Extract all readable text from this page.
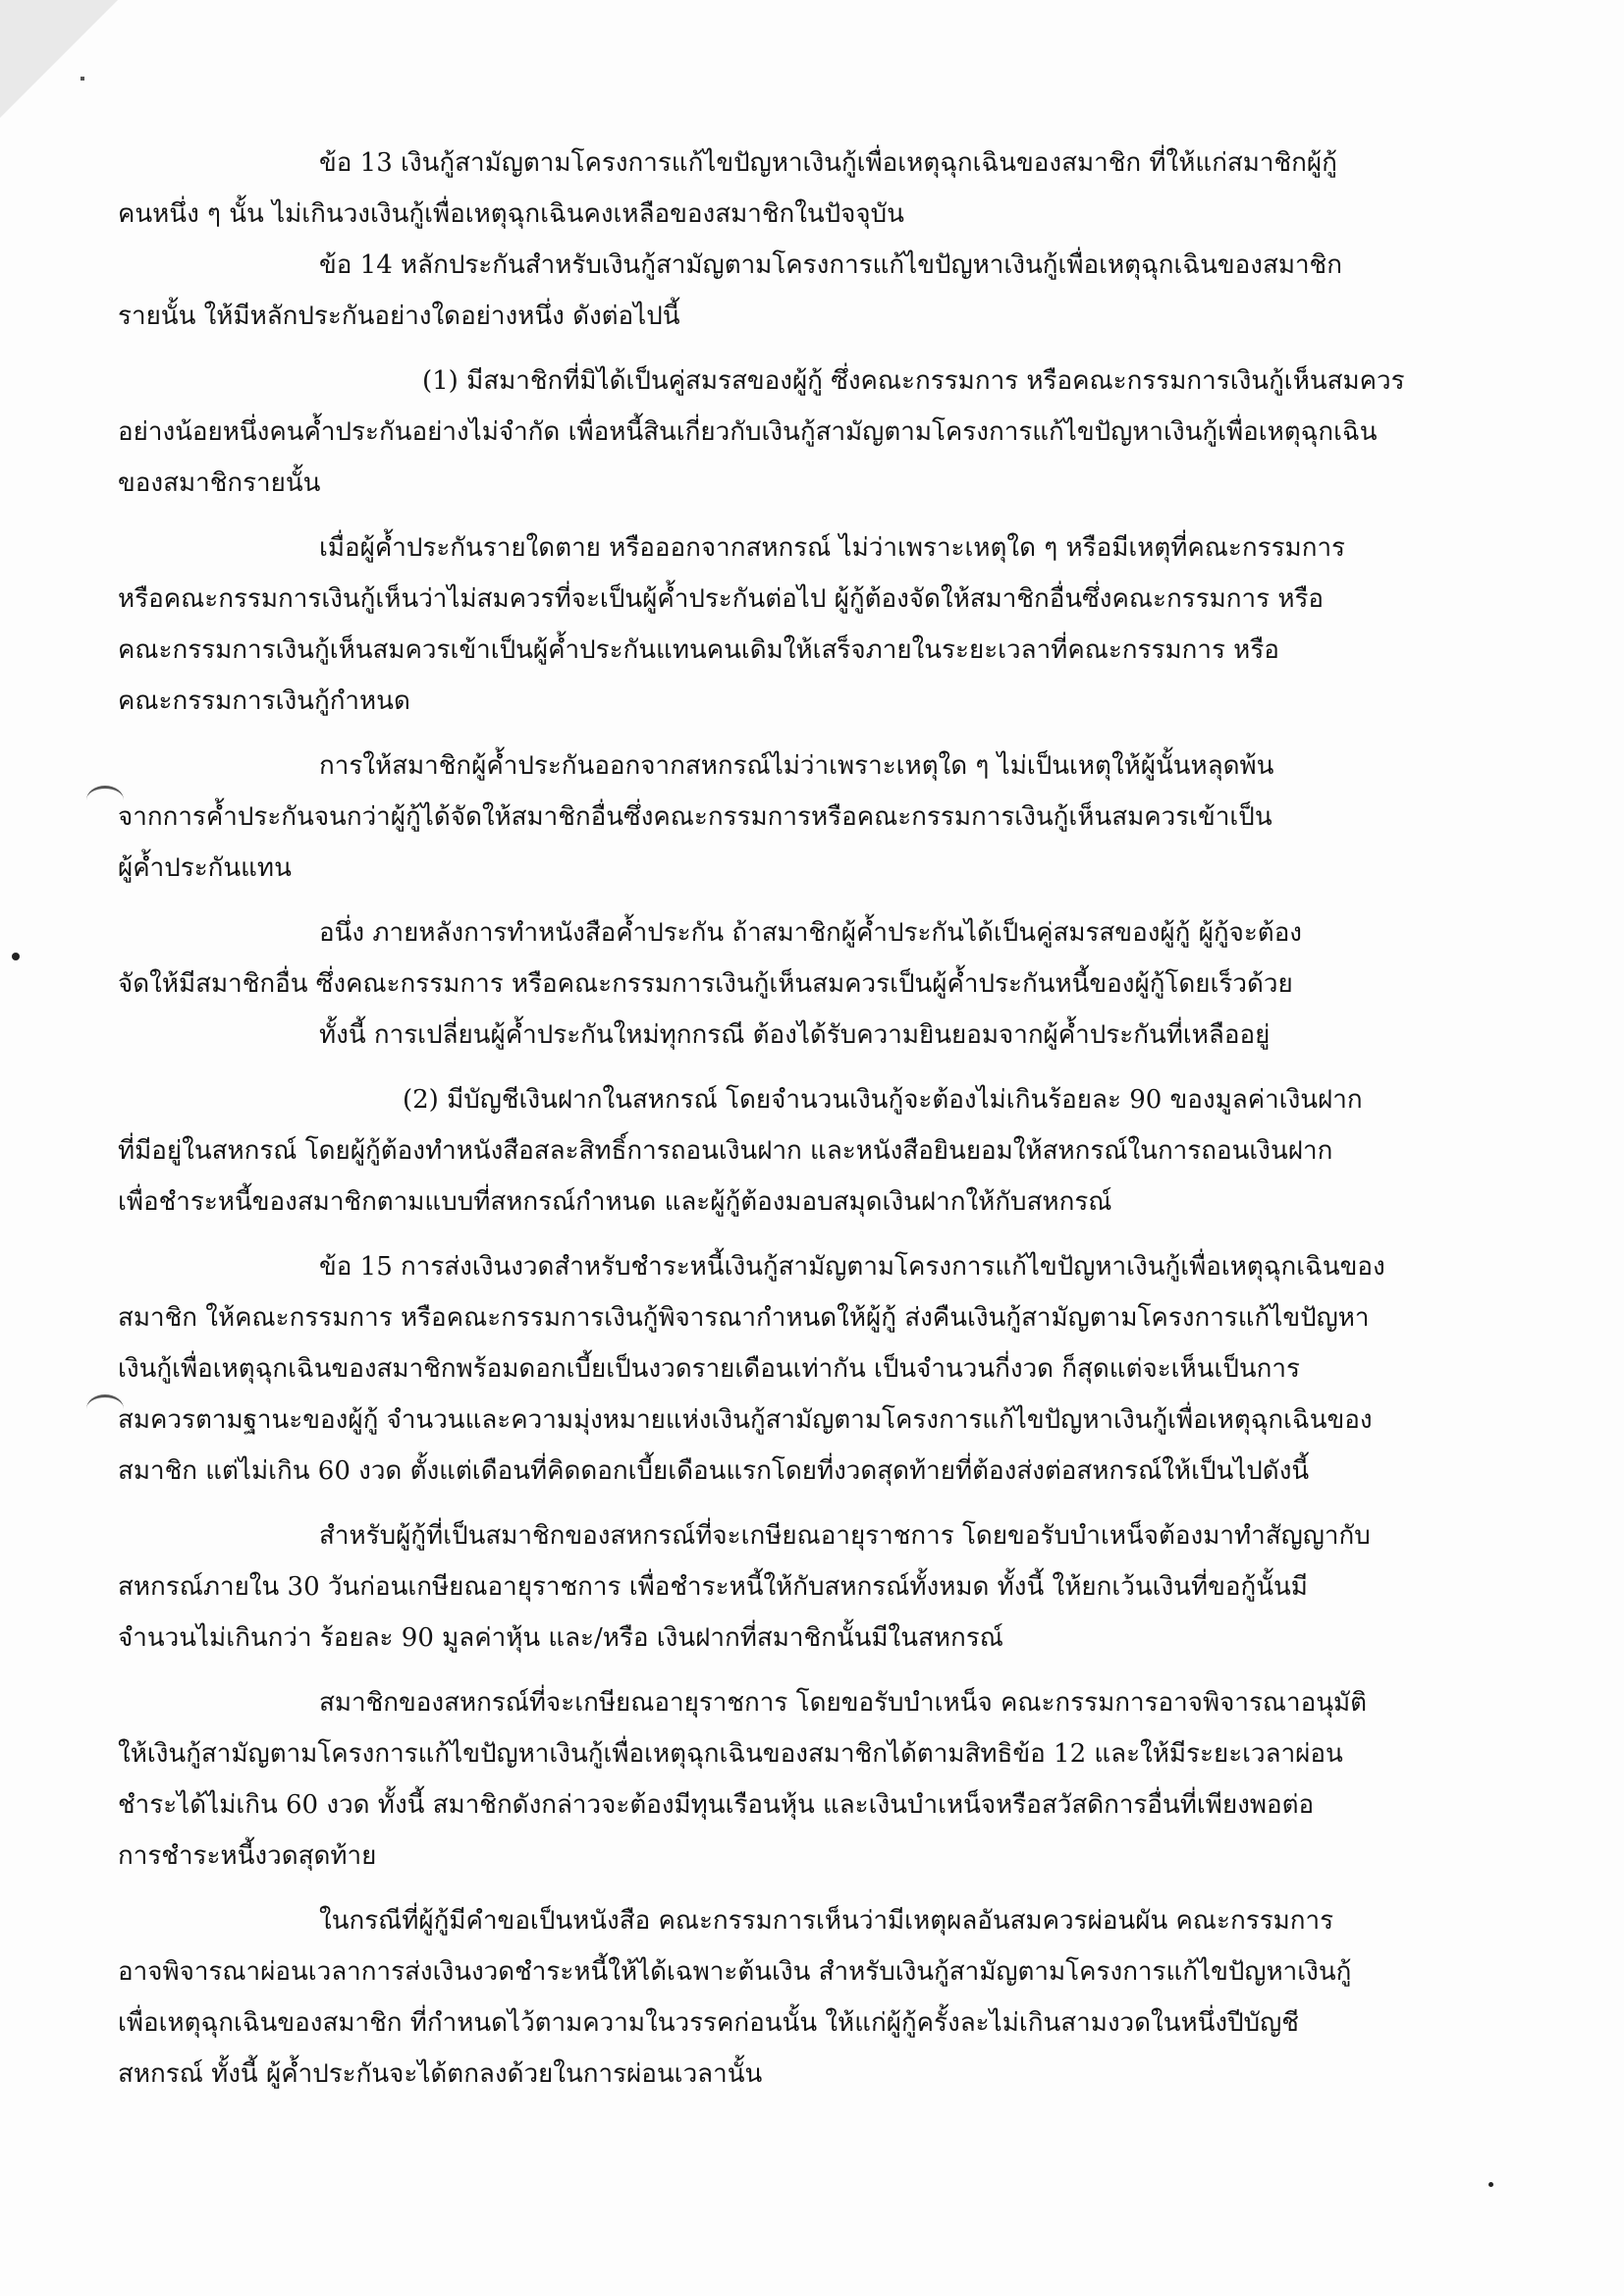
ข้อ 13 เงินกู้สามัญตามโครงการแก้ไขปัญหาเงินกู้เพื่อเหตุฉุกเฉินของสมาชิก ที่ให้แก่สมาชิกผู้กู้
คนหนึ่ง ๆ นั้น ไม่เกินวงเงินกู้เพื่อเหตุฉุกเฉินคงเหลือของสมาชิกในปัจจุบัน
ข้อ 14 หลักประกันสำหรับเงินกู้สามัญตามโครงการแก้ไขปัญหาเงินกู้เพื่อเหตุฉุกเฉินของสมาชิก
รายนั้น ให้มีหลักประกันอย่างใดอย่างหนึ่ง ดังต่อไปนี้
(1) มีสมาชิกที่มิได้เป็นคู่สมรสของผู้กู้ ซึ่งคณะกรรมการ หรือคณะกรรมการเงินกู้เห็นสมควร
อย่างน้อยหนึ่งคนค้ำประกันอย่างไม่จำกัด เพื่อหนี้สินเกี่ยวกับเงินกู้สามัญตามโครงการแก้ไขปัญหาเงินกู้เพื่อเหตุฉุกเฉิน
ของสมาชิกรายนั้น
เมื่อผู้ค้ำประกันรายใดตาย หรือออกจากสหกรณ์ ไม่ว่าเพราะเหตุใด ๆ หรือมีเหตุที่คณะกรรมการ
หรือคณะกรรมการเงินกู้เห็นว่าไม่สมควรที่จะเป็นผู้ค้ำประกันต่อไป ผู้กู้ต้องจัดให้สมาชิกอื่นซึ่งคณะกรรมการ หรือ
คณะกรรมการเงินกู้เห็นสมควรเข้าเป็นผู้ค้ำประกันแทนคนเดิมให้เสร็จภายในระยะเวลาที่คณะกรรมการ หรือ
คณะกรรมการเงินกู้กำหนด
การให้สมาชิกผู้ค้ำประกันออกจากสหกรณ์ไม่ว่าเพราะเหตุใด ๆ ไม่เป็นเหตุให้ผู้นั้นหลุดพ้น
จากการค้ำประกันจนกว่าผู้กู้ได้จัดให้สมาชิกอื่นซึ่งคณะกรรมการหรือคณะกรรมการเงินกู้เห็นสมควรเข้าเป็น
ผู้ค้ำประกันแทน
อนึ่ง ภายหลังการทำหนังสือค้ำประกัน ถ้าสมาชิกผู้ค้ำประกันได้เป็นคู่สมรสของผู้กู้ ผู้กู้จะต้อง
จัดให้มีสมาชิกอื่น ซึ่งคณะกรรมการ หรือคณะกรรมการเงินกู้เห็นสมควรเป็นผู้ค้ำประกันหนี้ของผู้กู้โดยเร็วด้วย
ทั้งนี้ การเปลี่ยนผู้ค้ำประกันใหม่ทุกกรณี ต้องได้รับความยินยอมจากผู้ค้ำประกันที่เหลืออยู่
(2) มีบัญชีเงินฝากในสหกรณ์ โดยจำนวนเงินกู้จะต้องไม่เกินร้อยละ 90 ของมูลค่าเงินฝาก
ที่มีอยู่ในสหกรณ์ โดยผู้กู้ต้องทำหนังสือสละสิทธิ์การถอนเงินฝาก และหนังสือยินยอมให้สหกรณ์ในการถอนเงินฝาก
เพื่อชำระหนี้ของสมาชิกตามแบบที่สหกรณ์กำหนด และผู้กู้ต้องมอบสมุดเงินฝากให้กับสหกรณ์
ข้อ 15 การส่งเงินงวดสำหรับชำระหนี้เงินกู้สามัญตามโครงการแก้ไขปัญหาเงินกู้เพื่อเหตุฉุกเฉินของ
สมาชิก ให้คณะกรรมการ หรือคณะกรรมการเงินกู้พิจารณากำหนดให้ผู้กู้ ส่งคืนเงินกู้สามัญตามโครงการแก้ไขปัญหา
เงินกู้เพื่อเหตุฉุกเฉินของสมาชิกพร้อมดอกเบี้ยเป็นงวดรายเดือนเท่ากัน เป็นจำนวนกี่งวด ก็สุดแต่จะเห็นเป็นการ
สมควรตามฐานะของผู้กู้ จำนวนและความมุ่งหมายแห่งเงินกู้สามัญตามโครงการแก้ไขปัญหาเงินกู้เพื่อเหตุฉุกเฉินของ
สมาชิก แต่ไม่เกิน 60 งวด ตั้งแต่เดือนที่คิดดอกเบี้ยเดือนแรกโดยที่งวดสุดท้ายที่ต้องส่งต่อสหกรณ์ให้เป็นไปดังนี้
สำหรับผู้กู้ที่เป็นสมาชิกของสหกรณ์ที่จะเกษียณอายุราชการ โดยขอรับบำเหน็จต้องมาทำสัญญากับ
สหกรณ์ภายใน 30 วันก่อนเกษียณอายุราชการ เพื่อชำระหนี้ให้กับสหกรณ์ทั้งหมด ทั้งนี้ ให้ยกเว้นเงินที่ขอกู้นั้นมี
จำนวนไม่เกินกว่า ร้อยละ 90 มูลค่าหุ้น และ/หรือ เงินฝากที่สมาชิกนั้นมีในสหกรณ์
สมาชิกของสหกรณ์ที่จะเกษียณอายุราชการ โดยขอรับบำเหน็จ คณะกรรมการอาจพิจารณาอนุมัติ
ให้เงินกู้สามัญตามโครงการแก้ไขปัญหาเงินกู้เพื่อเหตุฉุกเฉินของสมาชิกได้ตามสิทธิข้อ 12 และให้มีระยะเวลาผ่อน
ชำระได้ไม่เกิน 60 งวด ทั้งนี้ สมาชิกดังกล่าวจะต้องมีทุนเรือนหุ้น และเงินบำเหน็จหรือสวัสดิการอื่นที่เพียงพอต่อ
การชำระหนี้งวดสุดท้าย
ในกรณีที่ผู้กู้มีคำขอเป็นหนังสือ คณะกรรมการเห็นว่ามีเหตุผลอันสมควรผ่อนผัน คณะกรรมการ
อาจพิจารณาผ่อนเวลาการส่งเงินงวดชำระหนี้ให้ได้เฉพาะต้นเงิน สำหรับเงินกู้สามัญตามโครงการแก้ไขปัญหาเงินกู้
เพื่อเหตุฉุกเฉินของสมาชิก ที่กำหนดไว้ตามความในวรรคก่อนนั้น ให้แก่ผู้กู้ครั้งละไม่เกินสามงวดในหนึ่งปีบัญชี
สหกรณ์ ทั้งนี้ ผู้ค้ำประกันจะได้ตกลงด้วยในการผ่อนเวลานั้น
